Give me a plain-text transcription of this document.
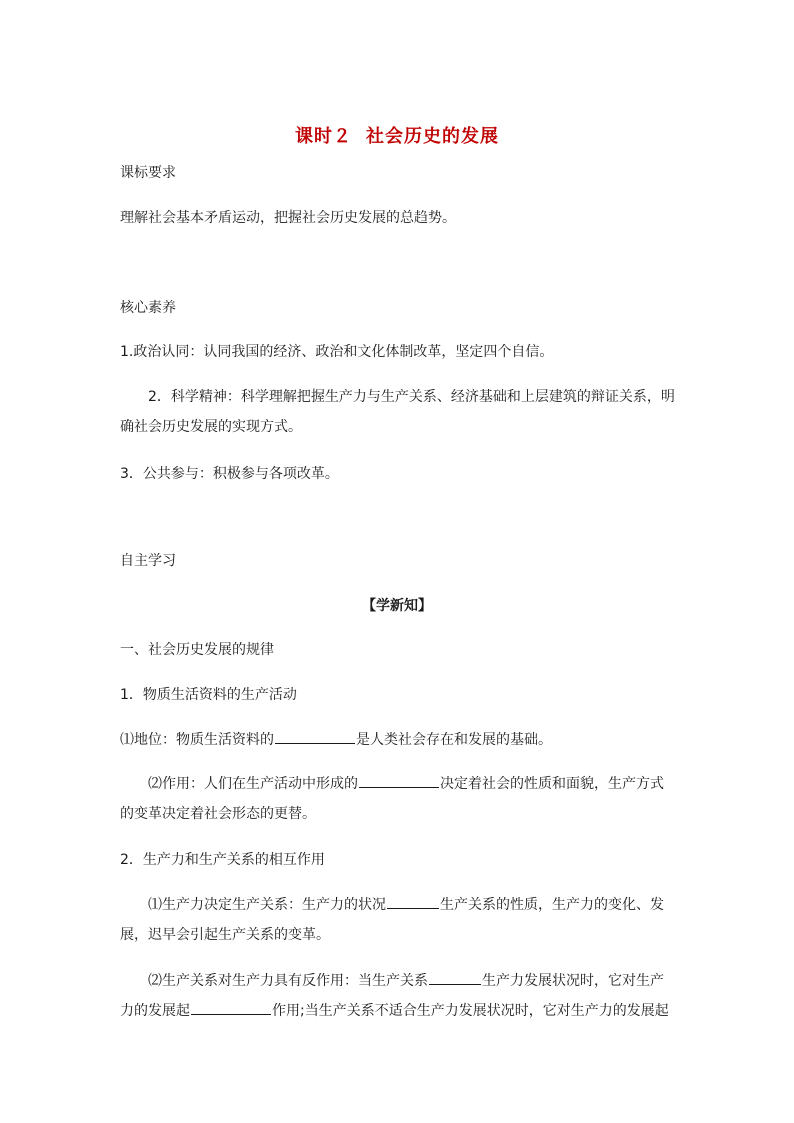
课时２ 社会历史的发展
课标要求
理解社会基本矛盾运动，把握社会历史发展的总趋势。
核心素养
1.政治认同：认同我国的经济、政治和文化体制改革，坚定四个自信。
2．科学精神：科学理解把握生产力与生产关系、经济基础和上层建筑的辩证关系，明确社会历史发展的实现方式。
3．公共参与：积极参与各项改革。
自主学习
【学新知】
一、社会历史发展的规律
1．物质生活资料的生产活动
⑴地位：物质生活资料的	是人类社会存在和发展的基础。
⑵作用：人们在生产活动中形成的	决定着社会的性质和面貌，生产方式的变革决定着社会形态的更替。
2．生产力和生产关系的相互作用
⑴生产力决定生产关系：生产力的状况	生产关系的性质，生产力的变化、发展，迟早会引起生产关系的变革。
⑵生产关系对生产力具有反作用：当生产关系	生产力发展状况时，它对生产力的发展起	作用;当生产关系不适合生产力发展状况时，它对生产力的发展起
